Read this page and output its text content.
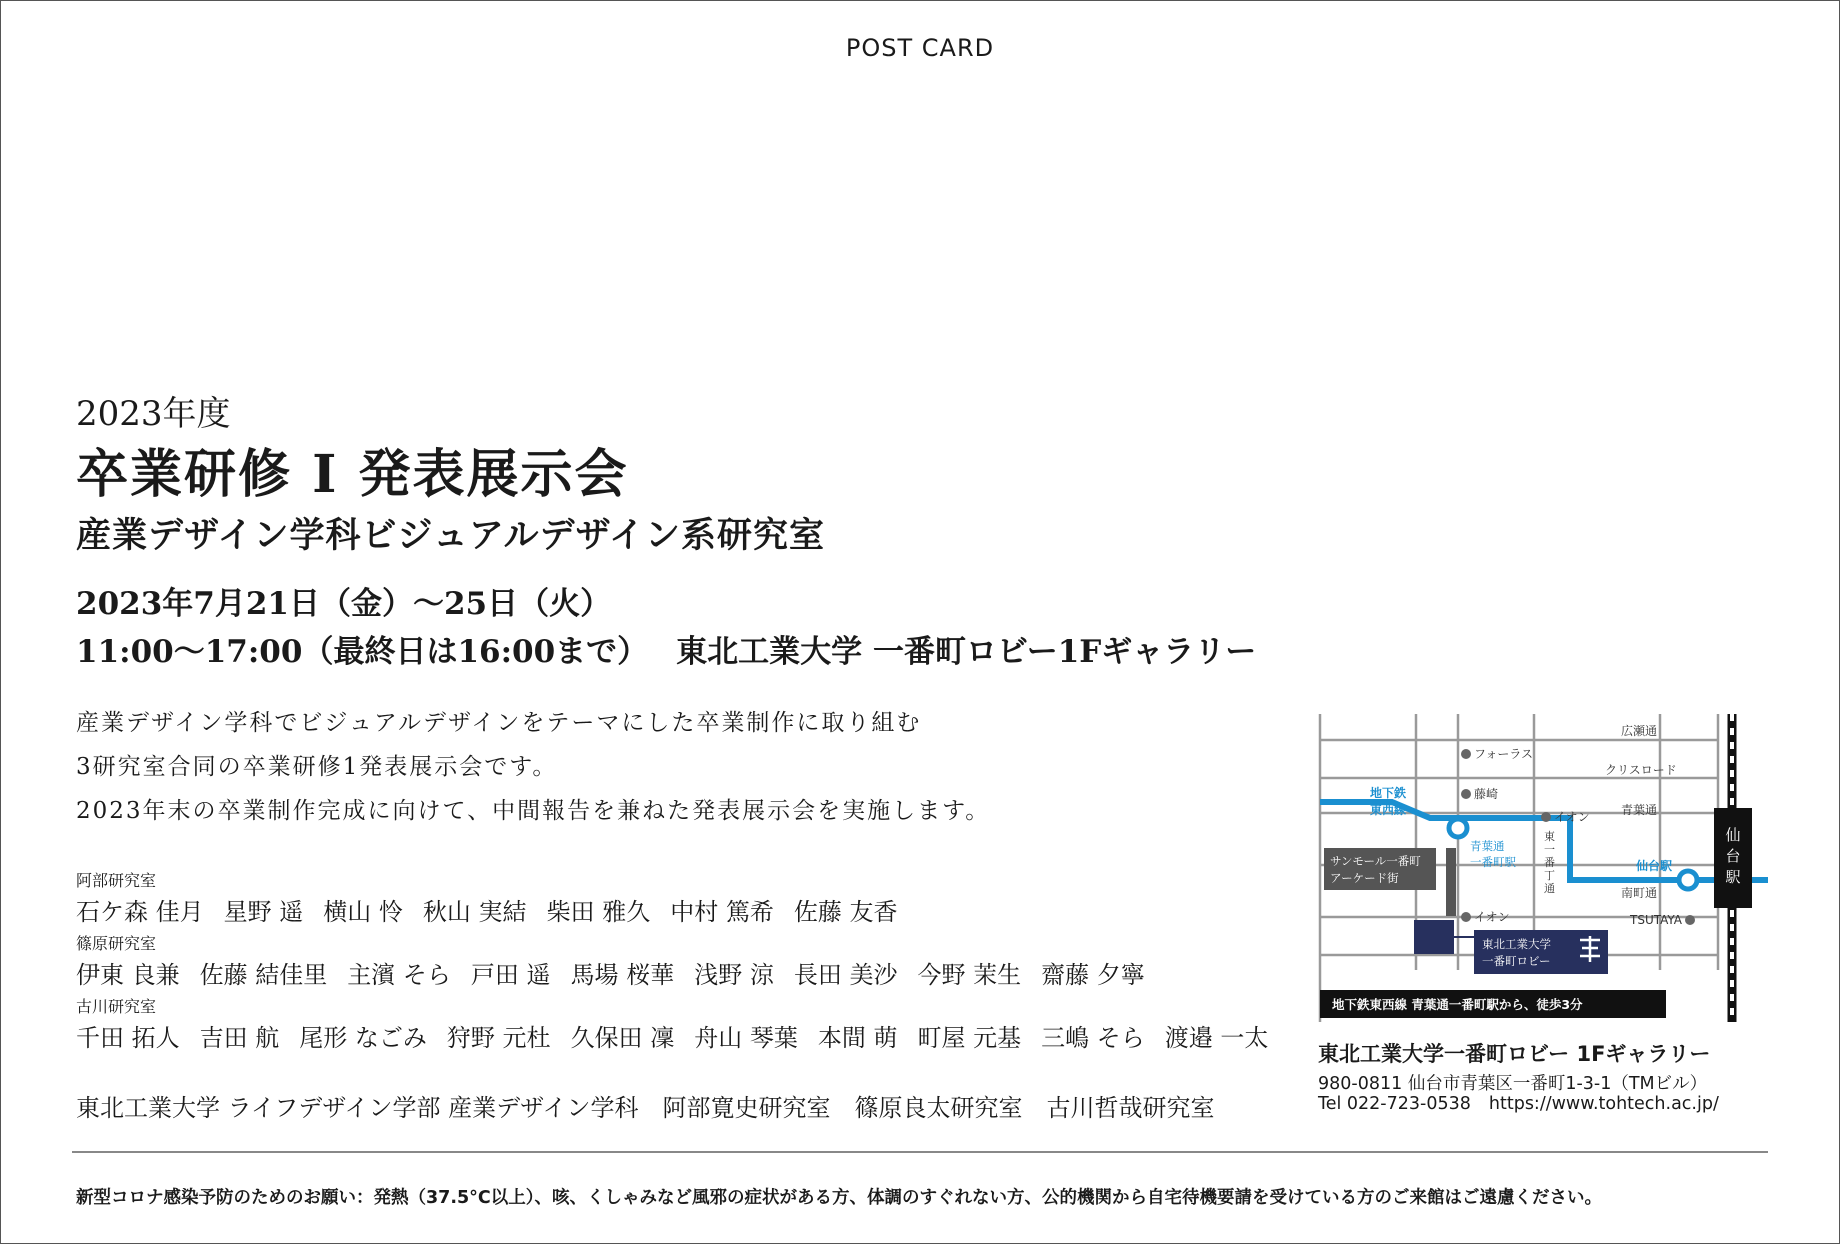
POST CARD
2023年度
卒業研修 I 発表展示会
産業デザイン学科ビジュアルデザイン系研究室
2023年7月21日（金）～25日（火）
11:00～17:00（最終日は16:00まで） 東北工業大学 一番町ロビー1Fギャラリー
産業デザイン学科でビジュアルデザインをテーマにした卒業制作に取り組む
3研究室合同の卒業研修1発表展示会です。
2023年末の卒業制作完成に向けて、中間報告を兼ねた発表展示会を実施します。
阿部研究室
石ケ森 佳月 星野 遥 横山 怜 秋山 実結 柴田 雅久 中村 篤希 佐藤 友香
篠原研究室
伊東 良兼 佐藤 結佳里 主濱 そら 戸田 遥 馬場 桜華 浅野 涼 長田 美沙 今野 茉生 齋藤 夕寧
古川研究室
千田 拓人 吉田 航 尾形 なごみ 狩野 元杜 久保田 凜 舟山 琴葉 本間 萌 町屋 元基 三嶋 そら 渡邉 一太
東北工業大学 ライフデザイン学部 産業デザイン学科 阿部寛史研究室 篠原良太研究室 古川哲哉研究室
広瀬通
クリスロード
青葉通
南町通
フォーラス
藤崎
イオン
イオン	TSUTAYA
地下鉄
東西線
青葉通
一番町駅	仙台駅
サンモール一番町
アーケード街
東
一
番
丁
通
仙
台
駅
東北工業大学
一番町ロビー
地下鉄東西線 青葉通一番町駅から、徒歩3分
東北工業大学一番町ロビー 1Fギャラリー
980-0811 仙台市青葉区一番町1-3-1（TMビル）
Tel 022-723-0538 https://www.tohtech.ac.jp/
新型コロナ感染予防のためのお願い：発熱（37.5°C以上）、咳、くしゃみなど風邪の症状がある方、体調のすぐれない方、公的機関から自宅待機要請を受けている方のご来館はご遠慮ください。
